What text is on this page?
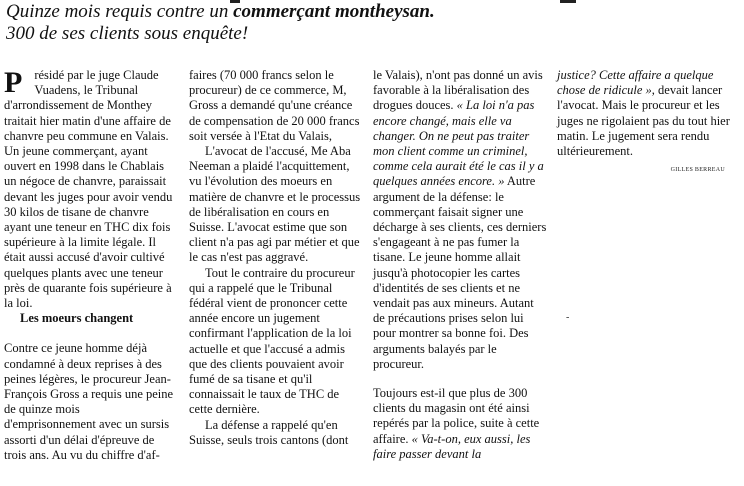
Quinze mois requis contre un commerçant montheysan.
300 de ses clients sous enquête!
P résidé par le juge Claude Vuadens, le Tribunal d'arrondissement de Monthey traitait hier matin d'une affaire de chanvre peu commune en Valais. Un jeune commerçant, ayant ouvert en 1998 dans le Chablais un négoce de chanvre, paraissait devant les juges pour avoir vendu 30 kilos de tisane de chanvre ayant une teneur en THC dix fois supérieure à la limite légale. Il était aussi accusé d'avoir cultivé quelques plants avec une teneur près de quarante fois supérieure à la loi.

Les moeurs changent

Contre ce jeune homme déjà condamné à deux reprises à des peines légères, le procureur Jean-François Gross a requis une peine de quinze mois d'emprisonnement avec un sursis assorti d'un délai d'épreuve de trois ans. Au vu du chiffre d'af-

faires (70 000 francs selon le procureur) de ce commerce, M, Gross a demandé qu'une créance de compensation de 20 000 francs soit versée à l'Etat du Valais,

L'avocat de l'accusé, Me Aba Neeman a plaidé l'acquittement, vu l'évolution des moeurs en matière de chanvre et le processus de libéralisation en cours en Suisse. L'avocat estime que son client n'a pas agi par métier et que le cas n'est pas aggravé.

Tout le contraire du procureur qui a rappelé que le Tribunal fédéral vient de prononcer cette année encore un jugement confirmant l'application de la loi actuelle et que l'accusé a admis que des clients pouvaient avoir fumé de sa tisane et qu'il connaissait le taux de THC de cette dernière.

La défense a rappelé qu'en Suisse, seuls trois cantons (dont

le Valais), n'ont pas donné un avis favorable à la libéralisation des drogues douces. « La loi n'a pas encore changé, mais elle va changer. On ne peut pas traiter mon client comme un criminel, comme cela aurait été le cas il y a quelques années encore. » Autre argument de la défense: le commerçant faisait signer une décharge à ses clients, ces derniers s'engageant à ne pas fumer la tisane. Le jeune homme allait jusqu'à photocopier les cartes d'identités de ses clients et ne vendait pas aux mineurs. Autant de précautions prises selon lui pour montrer sa bonne foi. Des arguments balayés par le procureur.

Toujours est-il que plus de 300 clients du magasin ont été ainsi repérés par la police, suite à cette affaire. « Va-t-on, eux aussi, les faire passer devant la

justice? Cette affaire a quelque chose de ridicule », devait lancer l'avocat. Mais le procureur et les juges ne rigolaient pas du tout hier matin. Le jugement sera rendu ultérieurement.

GILLES BERREAU

-
